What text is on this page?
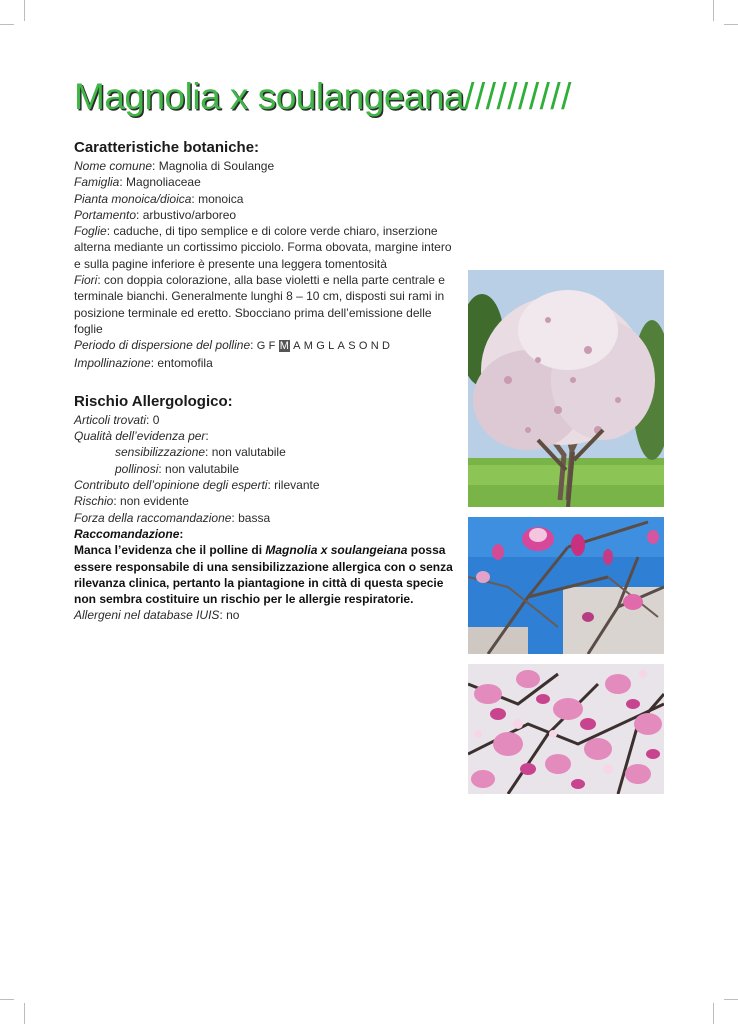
Magnolia x soulangeana//////////
Caratteristiche botaniche:

Nome comune: Magnolia di Soulange

Famiglia: Magnoliaceae

Pianta monoica/dioica: monoica

Portamento: arbustivo/arboreo

Foglie: caduche, di tipo semplice e di colore verde chiaro, inserzione alterna mediante un cortissimo picciolo. Forma obovata, margine intero e sulla pagine inferiore è presente una leggera tomentosità

Fiori: con doppia colorazione, alla base violetti e nella parte centrale e terminale bianchi. Generalmente lunghi 8 – 10 cm, disposti sui rami in posizione terminale ed eretto. Sbocciano prima dell’emissione delle foglie

Periodo di dispersione del polline: G F M A M G L A S O N D

Impollinazione: entomofila

Rischio Allergologico:

Articoli trovati: 0

Qualità dell’evidenza per:

sensibilizzazione: non valutabile

pollinosi: non valutabile

Contributo dell’opinione degli esperti: rilevante

Rischio: non evidente

Forza della raccomandazione: bassa

Raccomandazione:

Manca l’evidenza che il polline di Magnolia x soulangeiana possa essere responsabile di una sensibilizzazione allergica con o senza rilevanza clinica, pertanto la piantagione in città di questa specie non sembra costituire un rischio per le allergie respiratorie.

Allergeni nel database IUIS: no
